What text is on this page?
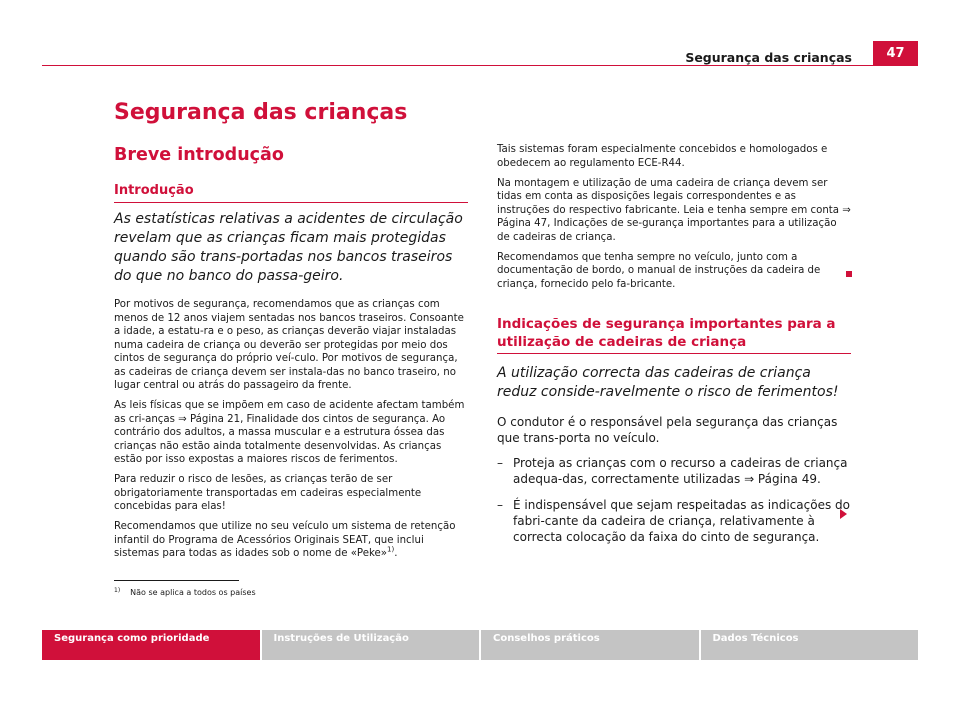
Segurança das crianças	47
Segurança das crianças
Breve introdução
Introdução

As estatísticas relativas a acidentes de circulação revelam que as crianças ficam mais protegidas quando são trans-portadas nos bancos traseiros do que no banco do passa-geiro.

Por motivos de segurança, recomendamos que as crianças com menos de 12 anos viajem sentadas nos bancos traseiros. Consoante a idade, a estatu-ra e o peso, as crianças deverão viajar instaladas numa cadeira de criança ou deverão ser protegidas por meio dos cintos de segurança do próprio veí-culo. Por motivos de segurança, as cadeiras de criança devem ser instala-das no banco traseiro, no lugar central ou atrás do passageiro da frente.

As leis físicas que se impõem em caso de acidente afectam também as cri-anças ⇒ Página 21, Finalidade dos cintos de segurança. Ao contrário dos adultos, a massa muscular e a estrutura óssea das crianças não estão ainda totalmente desenvolvidas. As crianças estão por isso expostas a maiores riscos de ferimentos.

Para reduzir o risco de lesões, as crianças terão de ser obrigatoriamente transportadas em cadeiras especialmente concebidas para elas!

Recomendamos que utilize no seu veículo um sistema de retenção infantil do Programa de Acessórios Originais SEAT, que inclui sistemas para todas as idades sob o nome de «Peke»$^{1)}$.

Tais sistemas foram especialmente concebidos e homologados e obedecem ao regulamento ECE-R44.

Na montagem e utilização de uma cadeira de criança devem ser tidas em conta as disposições legais correspondentes e as instruções do respectivo fabricante. Leia e tenha sempre em conta ⇒ Página 47, Indicações de se-gurança importantes para a utilização de cadeiras de criança.

Recomendamos que tenha sempre no veículo, junto com a documentação de bordo, o manual de instruções da cadeira de criança, fornecido pelo fa-bricante.

Indicações de segurança importantes para a utilização de cadeiras de criança

A utilização correcta das cadeiras de criança reduz conside-ravelmente o risco de ferimentos!

O condutor é o responsável pela segurança das crianças que trans-porta no veículo.

– Proteja as crianças com o recurso a cadeiras de criança adequa-das, correctamente utilizadas ⇒ Página 49.
– É indispensável que sejam respeitadas as indicações do fabri-cante da cadeira de criança, relativamente à correcta colocação da faixa do cinto de segurança.
$^{1)}$ Não se aplica a todos os países
Segurança como prioridade	Instruções de Utilização	Conselhos práticos	Dados Técnicos
